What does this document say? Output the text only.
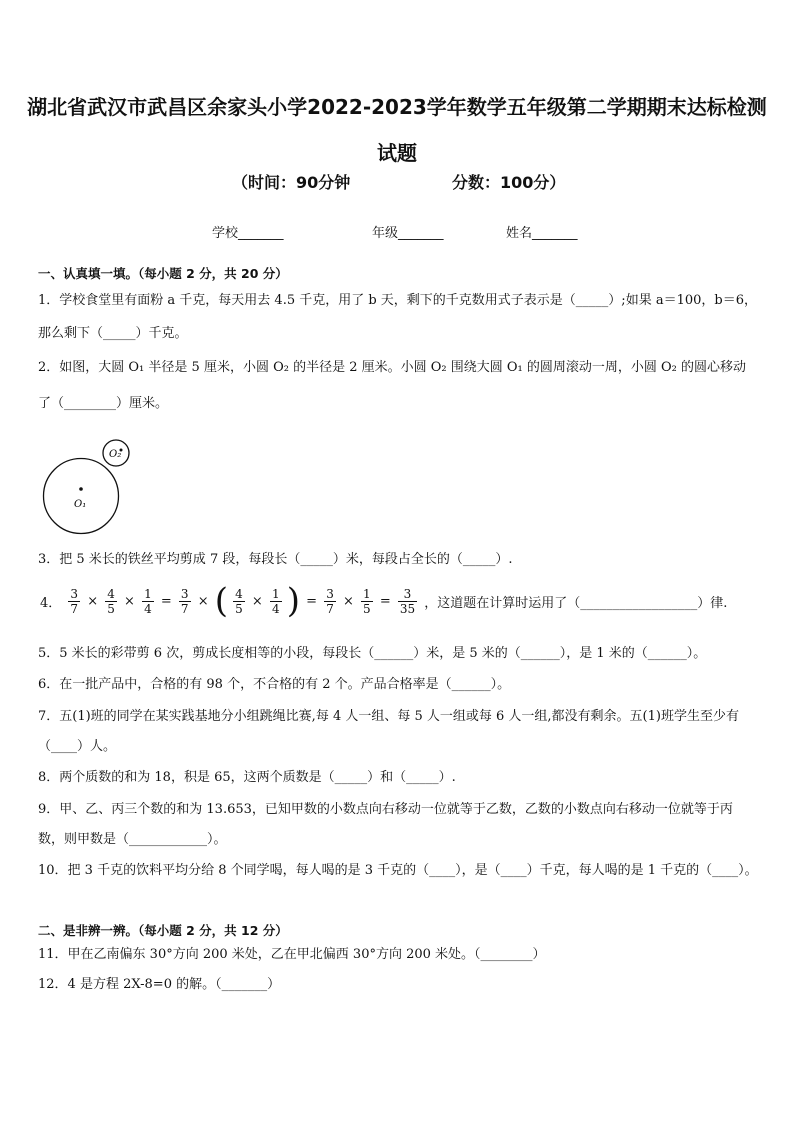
湖北省武汉市武昌区余家头小学2022-2023学年数学五年级第二学期期末达标检测试题
（时间：90分钟	分数：100分）
学校_______	年级_______	姓名_______
一、认真填一填。（每小题 2 分，共 20 分）
1．学校食堂里有面粉 a 千克，每天用去 4.5 千克，用了 b 天，剩下的千克数用式子表示是（_____）;如果 a＝100，b＝6，那么剩下（_____）千克。
2．如图，大圆 O₁ 半径是 5 厘米，小圆 O₂ 的半径是 2 厘米。小圆 O₂ 围绕大圆 O₁ 的圆周滚动一周，小圆 O₂ 的圆心移动了（________）厘米。
O₁
O₂
3．把 5 米长的铁丝平均剪成 7 段，每段长（_____）米，每段占全长的（_____）.
4． $\frac{3}{7} \times \frac{4}{5} \times \frac{1}{4} = \frac{3}{7}$ × ( $\frac{4}{5} \times \frac{1}{4}$ ) = $\frac{3}{7} \times \frac{1}{5} = \frac{3}{35}$ ，这道题在计算时运用了（__________________）律.
5．5 米长的彩带剪 6 次，剪成长度相等的小段，每段长（______）米，是 5 米的（______），是 1 米的（______）。
6．在一批产品中，合格的有 98 个，不合格的有 2 个。产品合格率是（______）。
7．五(1)班的同学在某实践基地分小组跳绳比赛,每 4 人一组、每 5 人一组或每 6 人一组,都没有剩余。五(1)班学生至少有（____）人。
8．两个质数的和为 18，积是 65，这两个质数是（_____）和（_____）.
9．甲、乙、丙三个数的和为 13.653，已知甲数的小数点向右移动一位就等于乙数，乙数的小数点向右移动一位就等于丙数，则甲数是（____________）。
10．把 3 千克的饮料平均分给 8 个同学喝，每人喝的是 3 千克的（____），是（____）千克，每人喝的是 1 千克的（____）。
二、是非辨一辨。（每小题 2 分，共 12 分）
11．甲在乙南偏东 30°方向 200 米处，乙在甲北偏西 30°方向 200 米处。（________）
12．4 是方程 2X-8=0 的解。（_______）
